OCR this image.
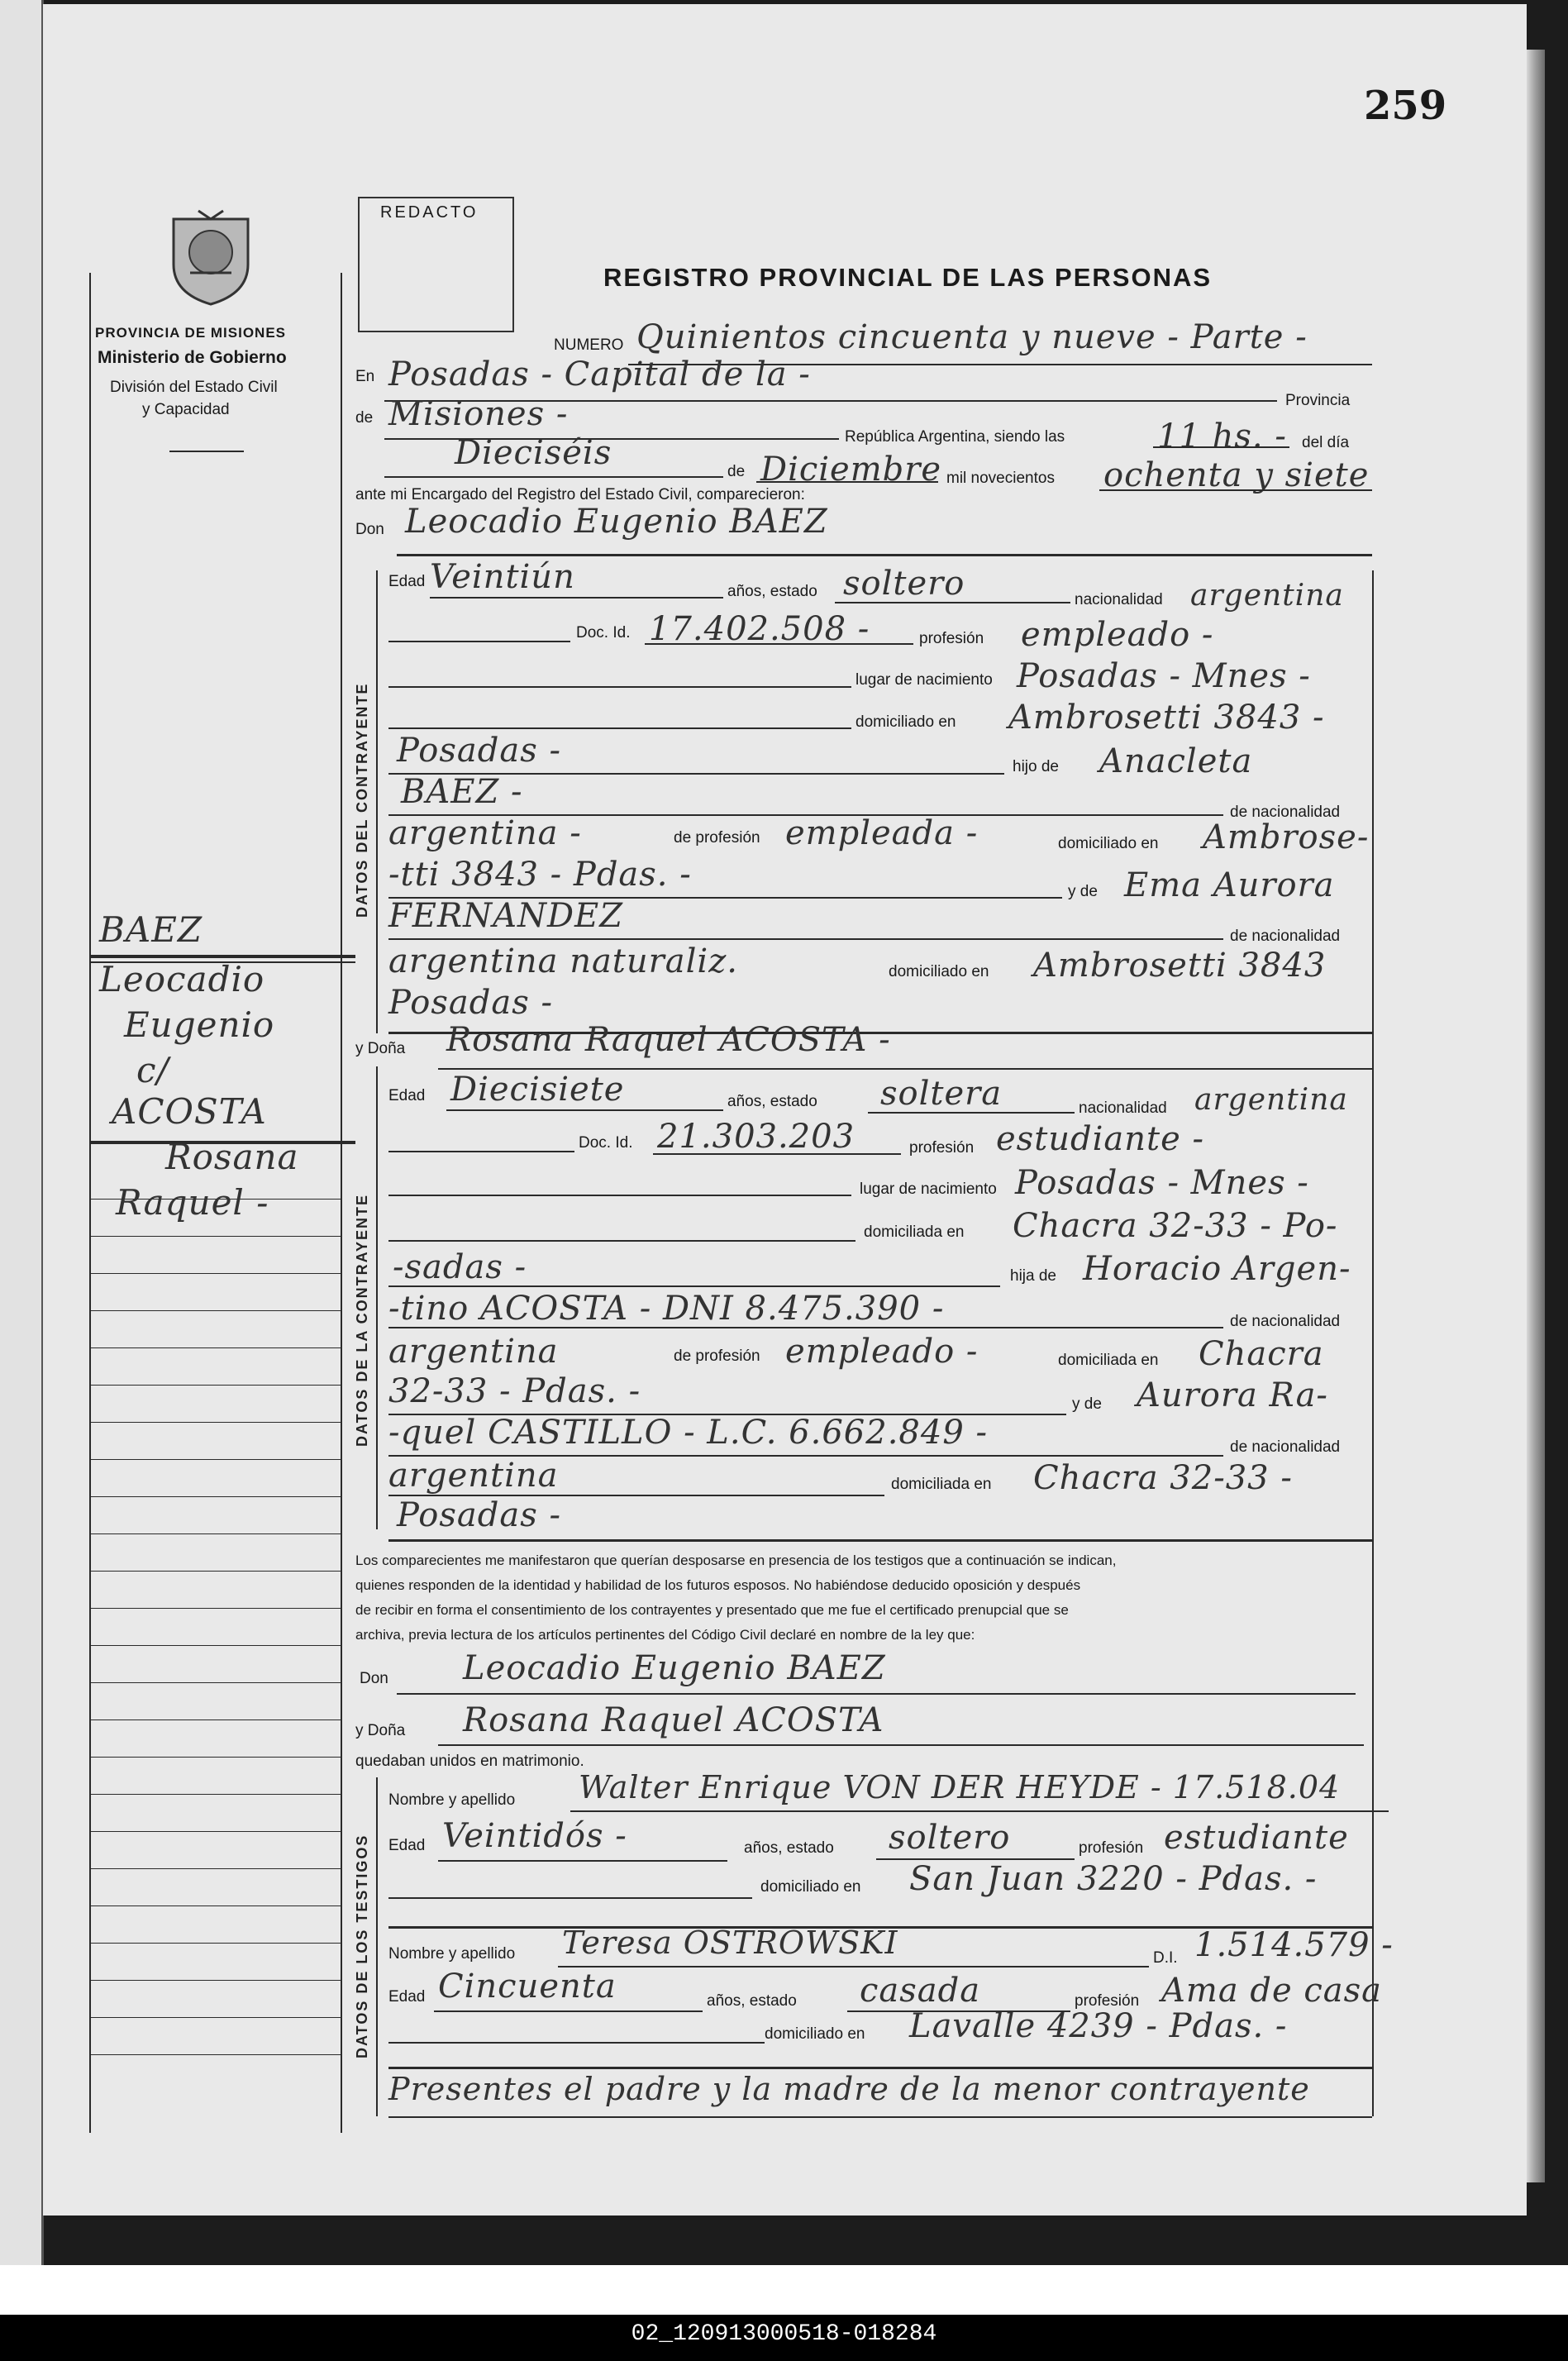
259
REDACTO
PROVINCIA DE MISIONES
Ministerio de Gobierno
División del Estado Civil
y Capacidad
REGISTRO PROVINCIAL DE LAS PERSONAS
BAEZ
Leocadio
Eugenio
c/
ACOSTA
Rosana
Raquel -
DATOS DEL CONTRAYENTE
DATOS DE LA CONTRAYENTE
DATOS DE LOS TESTIGOS
NUMERO Quinientos cincuenta y nueve - Parte -
En Posadas - Capital de la -
Provincia
de Misiones -
República Argentina, siendo las	11 hs. - del día
Dieciséis	de Diciembre mil novecientos ochenta y siete
ante mi Encargado del Registro del Estado Civil, comparecieron:
Don Leocadio Eugenio BAEZ
Edad Veintiún	años, estado soltero	nacionalidad argentina
Doc. Id. 17.402.508 -	profesión empleado -
lugar de nacimiento Posadas - Mnes -
domiciliado en Ambrosetti 3843 -
Posadas -	hijo de Anacleta
BAEZ -
de nacionalidad
argentina -	de profesión empleada -	domiciliado en Ambrose-
-tti 3843 - Pdas. -	y de Ema Aurora
FERNANDEZ
de nacionalidad
argentina naturaliz.	domiciliado en Ambrosetti 3843
Posadas -
y Doña Rosana Raquel ACOSTA -
Edad Diecisiete	años, estado soltera	nacionalidad argentina
Doc. Id. 21.303.203	profesión estudiante -
lugar de nacimiento Posadas - Mnes -
domiciliada en Chacra 32-33 - Po-
-sadas -	hija de Horacio Argen-
-tino ACOSTA - DNI 8.475.390 -	de nacionalidad
argentina	de profesión empleado -	domiciliada en Chacra
32-33 - Pdas. -	y de Aurora Ra-
-quel CASTILLO - L.C. 6.662.849 -	de nacionalidad
argentina	domiciliada en Chacra 32-33 -
Posadas -
Los comparecientes me manifestaron que querían desposarse en presencia de los testigos que a continuación se indican,
quienes responden de la identidad y habilidad de los futuros esposos. No habiéndose deducido oposición y después
de recibir en forma el consentimiento de los contrayentes y presentado que me fue el certificado prenupcial que se
archiva, previa lectura de los artículos pertinentes del Código Civil declaré en nombre de la ley que:
Don Leocadio Eugenio BAEZ
y Doña Rosana Raquel ACOSTA
quedaban unidos en matrimonio.
Nombre y apellido Walter Enrique VON DER HEYDE - 17.518.04
Edad Veintidós -	años, estado soltero	profesión estudiante
domiciliado en San Juan 3220 - Pdas. -
Nombre y apellido Teresa OSTROWSKI	D.I. 1.514.579 -
Edad Cincuenta	años, estado casada	profesión Ama de casa
domiciliado en Lavalle 4239 - Pdas. -
Presentes el padre y la madre de la menor contrayente
02_120913000518-018284
